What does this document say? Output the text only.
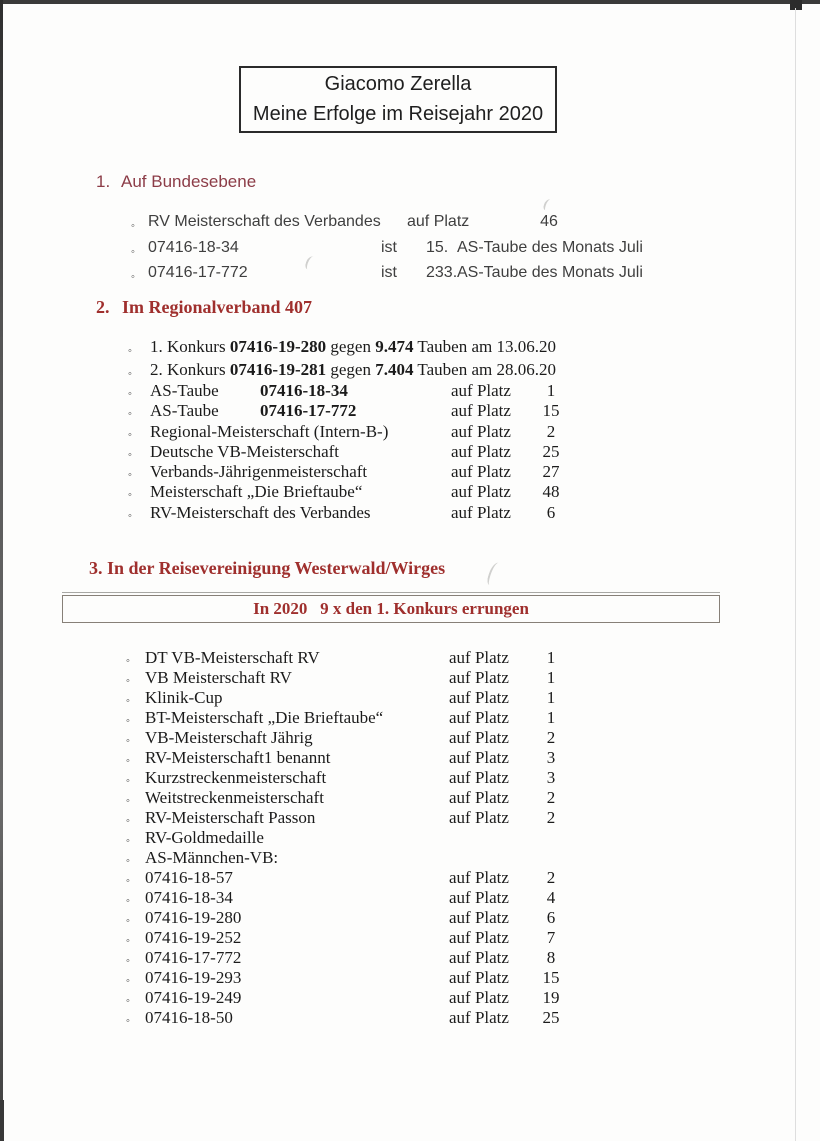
Giacomo Zerella
Meine Erfolge im Reisejahr 2020
1. Auf Bundesebene
◦ RV Meisterschaft des Verbandes auf Platz	46
◦ 07416-18-34	ist 15. AS-Taube des Monats Juli
◦ 07416-17-772	ist 233. AS-Taube des Monats Juli
2. Im Regionalverband 407
◦ 1. Konkurs 07416-19-280 gegen 9.474 Tauben am 13.06.20
◦ 2. Konkurs 07416-19-281 gegen 7.404 Tauben am 28.06.20
◦ AS-Taube 07416-18-34	auf Platz	1
◦ AS-Taube 07416-17-772	auf Platz	15
◦ Regional-Meisterschaft (Intern-B-)	auf Platz	2
◦ Deutsche VB-Meisterschaft	auf Platz	25
◦ Verbands-Jährigenmeisterschaft	auf Platz	27
◦ Meisterschaft „Die Brieftaube“	auf Platz	48
◦ RV-Meisterschaft des Verbandes	auf Platz	6
3. In der Reisevereinigung Westerwald/Wirges
In 2020   9 x den 1. Konkurs errungen
◦ DT VB-Meisterschaft RV	auf Platz	1
◦ VB Meisterschaft RV	auf Platz	1
◦ Klinik-Cup	auf Platz	1
◦ BT-Meisterschaft „Die Brieftaube“	auf Platz	1
◦ VB-Meisterschaft Jährig	auf Platz	2
◦ RV-Meisterschaft1 benannt	auf Platz	3
◦ Kurzstreckenmeisterschaft	auf Platz	3
◦ Weitstreckenmeisterschaft	auf Platz	2
◦ RV-Meisterschaft Passon	auf Platz	2
◦ RV-Goldmedaille
◦ AS-Männchen-VB:
◦ 07416-18-57	auf Platz	2
◦ 07416-18-34	auf Platz	4
◦ 07416-19-280	auf Platz	6
◦ 07416-19-252	auf Platz	7
◦ 07416-17-772	auf Platz	8
◦ 07416-19-293	auf Platz	15
◦ 07416-19-249	auf Platz	19
◦ 07416-18-50	auf Platz	25
